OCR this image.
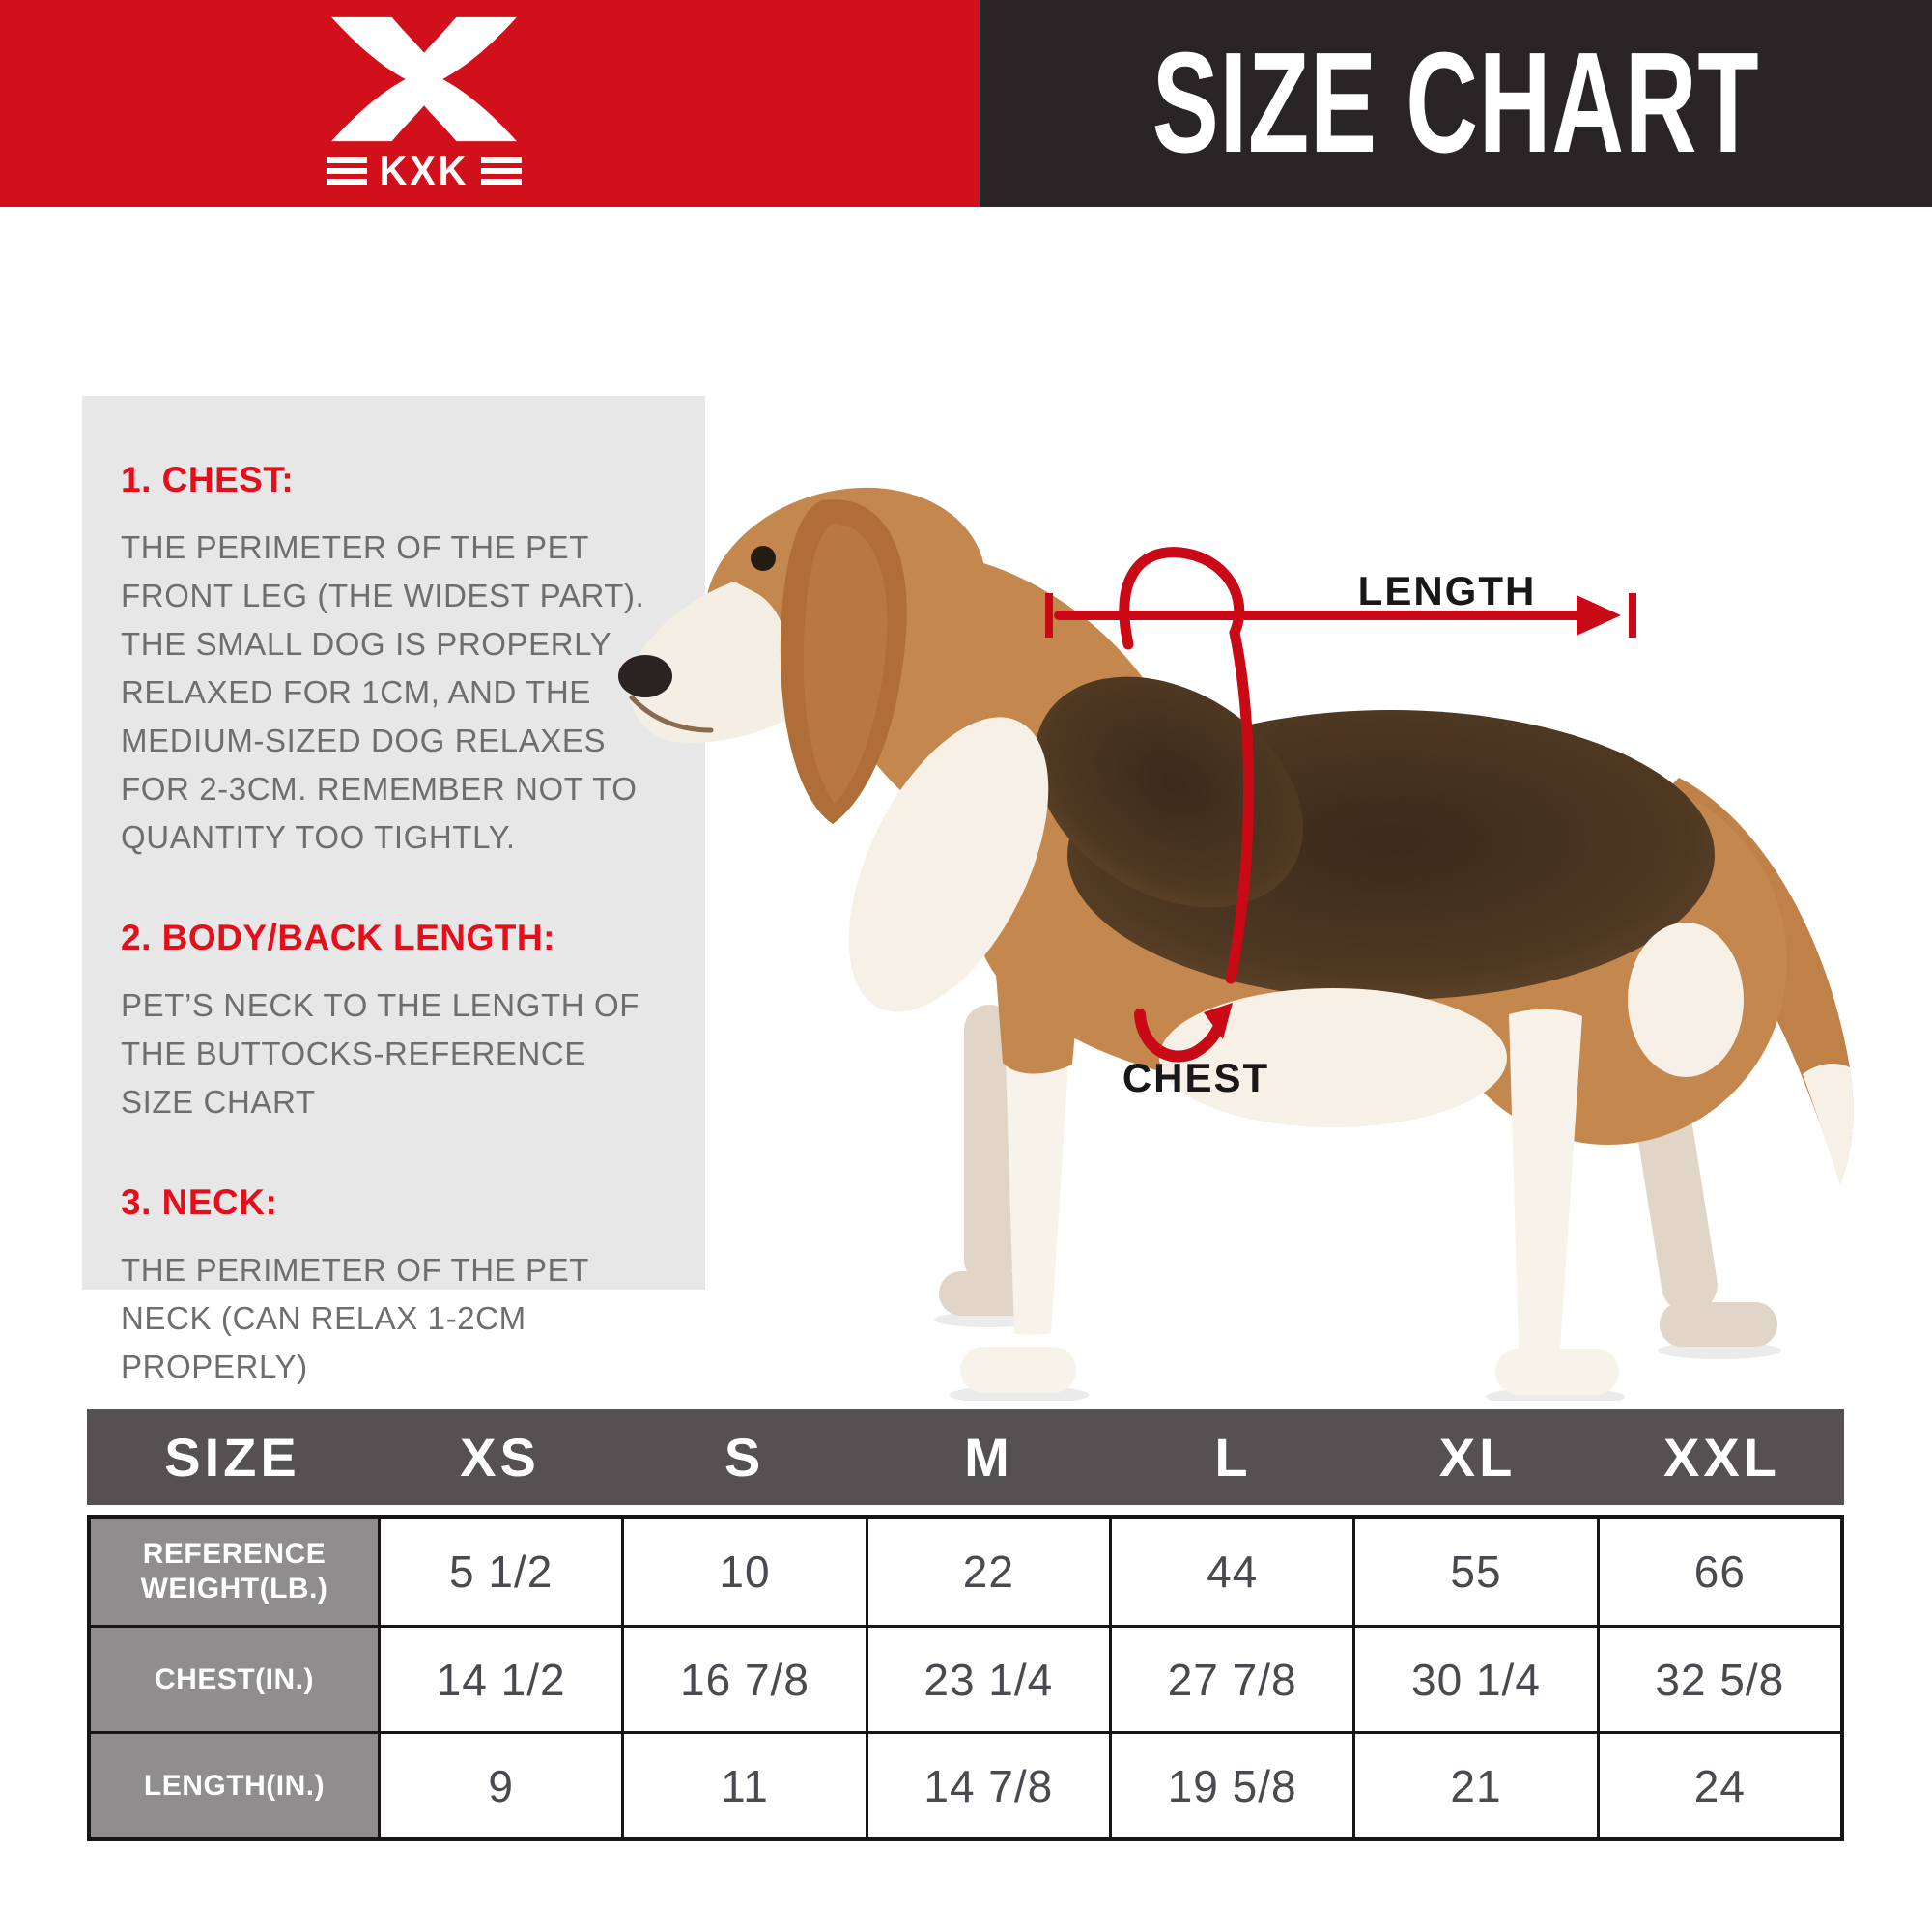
KXK	SIZE CHART
1. CHEST:

THE PERIMETER OF THE PET FRONT LEG (THE WIDEST PART). THE SMALL DOG IS PROPERLY RELAXED FOR 1CM, AND THE MEDIUM-SIZED DOG RELAXES FOR 2-3CM. REMEMBER NOT TO QUANTITY TOO TIGHTLY.

2. BODY/BACK LENGTH:

PET’S NECK TO THE LENGTH OF THE BUTTOCKS-REFERENCE SIZE CHART

3. NECK:

THE PERIMETER OF THE PET NECK (CAN RELAX 1-2CM PROPERLY)

LENGTH
CHEST
SIZE	XS	S	M	L	XL	XXL
REFERENCE WEIGHT(LB.)	5 1/2	10	22	44	55	66
CHEST(IN.)	14 1/2	16 7/8	23 1/4	27 7/8	30 1/4	32 5/8
LENGTH(IN.)	9	11	14 7/8	19 5/8	21	24
